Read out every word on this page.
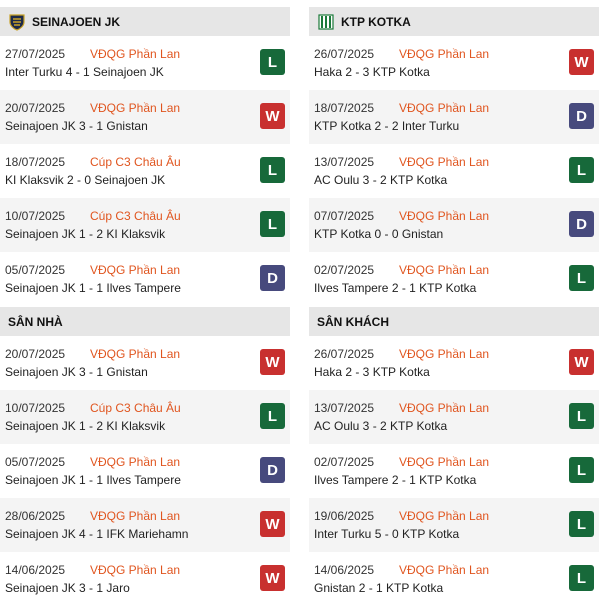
SEINAJOEN JK
27/07/2025 VĐQG Phần Lan
Inter Turku 4 - 1 Seinajoen JK
L
20/07/2025 VĐQG Phần Lan
Seinajoen JK 3 - 1 Gnistan
W
18/07/2025 Cúp C3 Châu Âu
KI Klaksvik 2 - 0 Seinajoen JK
L
10/07/2025 Cúp C3 Châu Âu
Seinajoen JK 1 - 2 KI Klaksvik
L
05/07/2025 VĐQG Phần Lan
Seinajoen JK 1 - 1 Ilves Tampere
D
SÂN NHÀ
20/07/2025 VĐQG Phần Lan
Seinajoen JK 3 - 1 Gnistan
W
10/07/2025 Cúp C3 Châu Âu
Seinajoen JK 1 - 2 KI Klaksvik
L
05/07/2025 VĐQG Phần Lan
Seinajoen JK 1 - 1 Ilves Tampere
D
28/06/2025 VĐQG Phần Lan
Seinajoen JK 4 - 1 IFK Mariehamn
W
14/06/2025 VĐQG Phần Lan
Seinajoen JK 3 - 1 Jaro
W
KTP KOTKA
26/07/2025 VĐQG Phần Lan
Haka 2 - 3 KTP Kotka
W
18/07/2025 VĐQG Phần Lan
KTP Kotka 2 - 2 Inter Turku
D
13/07/2025 VĐQG Phần Lan
AC Oulu 3 - 2 KTP Kotka
L
07/07/2025 VĐQG Phần Lan
KTP Kotka 0 - 0 Gnistan
D
02/07/2025 VĐQG Phần Lan
Ilves Tampere 2 - 1 KTP Kotka
L
SÂN KHÁCH
26/07/2025 VĐQG Phần Lan
Haka 2 - 3 KTP Kotka
W
13/07/2025 VĐQG Phần Lan
AC Oulu 3 - 2 KTP Kotka
L
02/07/2025 VĐQG Phần Lan
Ilves Tampere 2 - 1 KTP Kotka
L
19/06/2025 VĐQG Phần Lan
Inter Turku 5 - 0 KTP Kotka
L
14/06/2025 VĐQG Phần Lan
Gnistan 2 - 1 KTP Kotka
L
